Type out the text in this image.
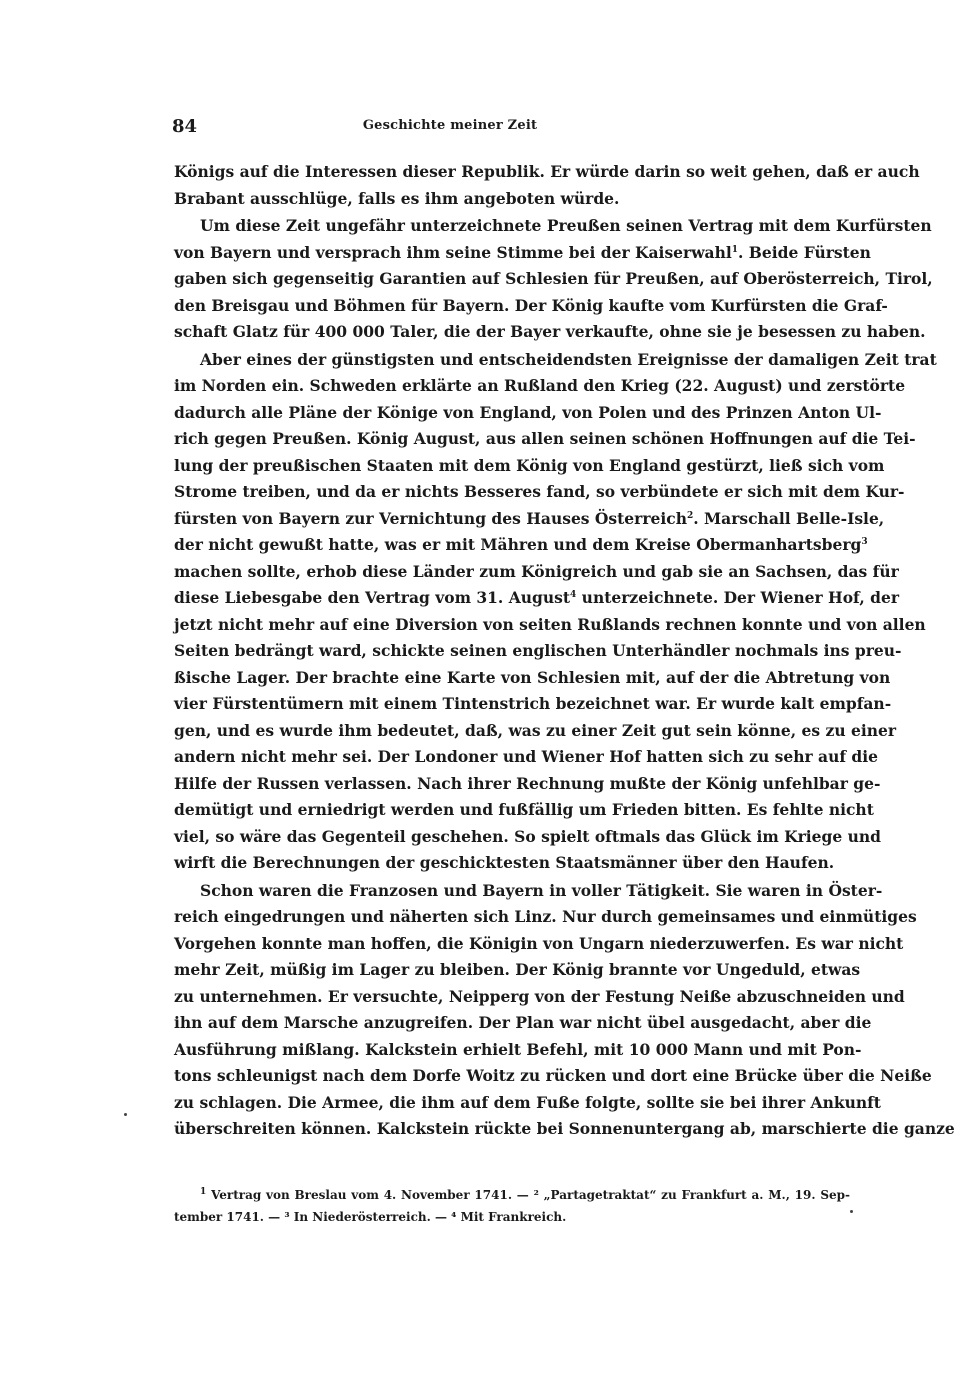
84	Geschichte meiner Zeit
Königs auf die Interessen dieser Republik. Er würde darin so weit gehen, daß er auch
Brabant ausschlüge, falls es ihm angeboten würde.
Um diese Zeit ungefähr unterzeichnete Preußen seinen Vertrag mit dem Kurfürsten
von Bayern und versprach ihm seine Stimme bei der Kaiserwahl$^1$. Beide Fürsten
gaben sich gegenseitig Garantien auf Schlesien für Preußen, auf Oberösterreich, Tirol,
den Breisgau und Böhmen für Bayern. Der König kaufte vom Kurfürsten die Graf-
schaft Glatz für 400 000 Taler, die der Bayer verkaufte, ohne sie je besessen zu haben.
Aber eines der günstigsten und entscheidendsten Ereignisse der damaligen Zeit trat
im Norden ein. Schweden erklärte an Rußland den Krieg (22. August) und zerstörte
dadurch alle Pläne der Könige von England, von Polen und des Prinzen Anton Ul-
rich gegen Preußen. König August, aus allen seinen schönen Hoffnungen auf die Tei-
lung der preußischen Staaten mit dem König von England gestürzt, ließ sich vom
Strome treiben, und da er nichts Besseres fand, so verbündete er sich mit dem Kur-
fürsten von Bayern zur Vernichtung des Hauses Österreich$^2$. Marschall Belle-Isle,
der nicht gewußt hatte, was er mit Mähren und dem Kreise Obermanhartsberg$^3$
machen sollte, erhob diese Länder zum Königreich und gab sie an Sachsen, das für
diese Liebesgabe den Vertrag vom 31. August$^4$ unterzeichnete. Der Wiener Hof, der
jetzt nicht mehr auf eine Diversion von seiten Rußlands rechnen konnte und von allen
Seiten bedrängt ward, schickte seinen englischen Unterhändler nochmals ins preu-
ßische Lager. Der brachte eine Karte von Schlesien mit, auf der die Abtretung von
vier Fürstentümern mit einem Tintenstrich bezeichnet war. Er wurde kalt empfan-
gen, und es wurde ihm bedeutet, daß, was zu einer Zeit gut sein könne, es zu einer
andern nicht mehr sei. Der Londoner und Wiener Hof hatten sich zu sehr auf die
Hilfe der Russen verlassen. Nach ihrer Rechnung mußte der König unfehlbar ge-
demütigt und erniedrigt werden und fußfällig um Frieden bitten. Es fehlte nicht
viel, so wäre das Gegenteil geschehen. So spielt oftmals das Glück im Kriege und
wirft die Berechnungen der geschicktesten Staatsmänner über den Haufen.
Schon waren die Franzosen und Bayern in voller Tätigkeit. Sie waren in Öster-
reich eingedrungen und näherten sich Linz. Nur durch gemeinsames und einmütiges
Vorgehen konnte man hoffen, die Königin von Ungarn niederzuwerfen. Es war nicht
mehr Zeit, müßig im Lager zu bleiben. Der König brannte vor Ungeduld, etwas
zu unternehmen. Er versuchte, Neipperg von der Festung Neiße abzuschneiden und
ihn auf dem Marsche anzugreifen. Der Plan war nicht übel ausgedacht, aber die
Ausführung mißlang. Kalckstein erhielt Befehl, mit 10 000 Mann und mit Pon-
tons schleunigst nach dem Dorfe Woitz zu rücken und dort eine Brücke über die Neiße
zu schlagen. Die Armee, die ihm auf dem Fuße folgte, sollte sie bei ihrer Ankunft
überschreiten können. Kalckstein rückte bei Sonnenuntergang ab, marschierte die ganze
$^1$ Vertrag von Breslau vom 4. November 1741. — ² „Partagetraktat“ zu Frankfurt a. M., 19. Sep-
tember 1741. — ³ In Niederösterreich. — ⁴ Mit Frankreich.
